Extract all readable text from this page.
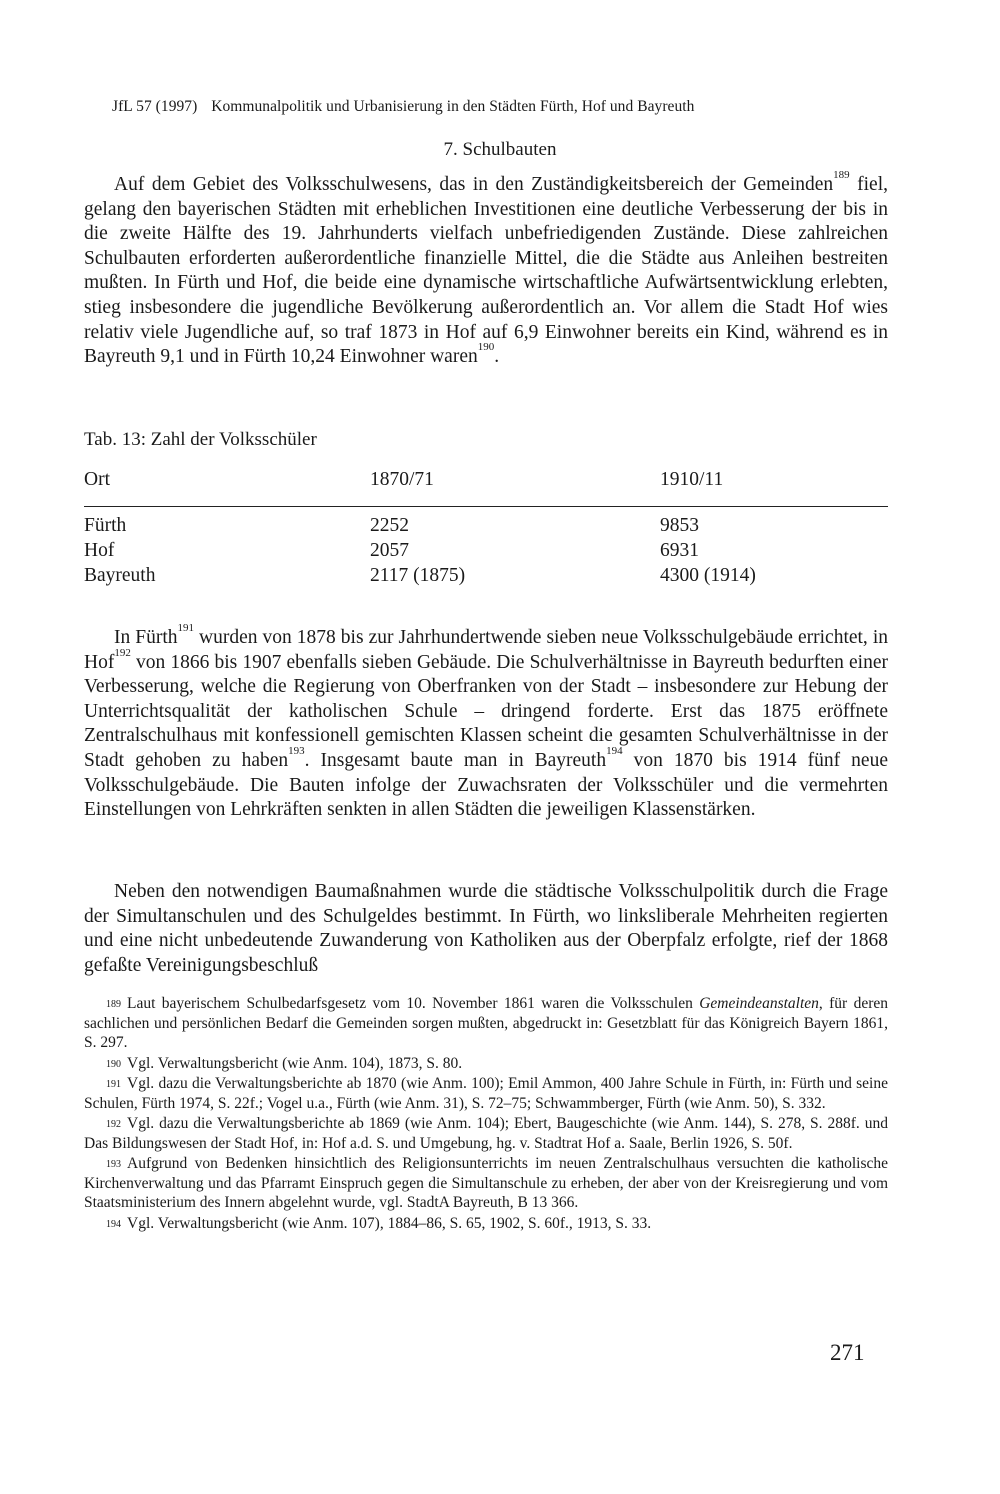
JfL 57 (1997) Kommunalpolitik und Urbanisierung in den Städten Fürth, Hof und Bayreuth
7. Schulbauten

Auf dem Gebiet des Volksschulwesens, das in den Zuständigkeitsbereich der Gemeinden$^{189}$ fiel, gelang den bayerischen Städten mit erheblichen Investitionen eine deutliche Verbesserung der bis in die zweite Hälfte des 19. Jahrhunderts vielfach unbefriedigenden Zustände. Diese zahlreichen Schulbauten erforderten außerordentliche finanzielle Mittel, die die Städte aus Anleihen bestreiten mußten. In Fürth und Hof, die beide eine dynamische wirtschaftliche Aufwärtsentwicklung erlebten, stieg insbesondere die jugendliche Bevölkerung außerordentlich an. Vor allem die Stadt Hof wies relativ viele Jugendliche auf, so traf 1873 in Hof auf 6,9 Einwohner bereits ein Kind, während es in Bayreuth 9,1 und in Fürth 10,24 Einwohner waren$^{190}$.

Tab. 13: Zahl der Volksschüler
Ort	1870/71	1910/11
Fürth	2252	9853
Hof	2057	6931
Bayreuth	2117 (1875)	4300 (1914)

In Fürth$^{191}$ wurden von 1878 bis zur Jahrhundertwende sieben neue Volksschulgebäude errichtet, in Hof$^{192}$ von 1866 bis 1907 ebenfalls sieben Gebäude. Die Schulverhältnisse in Bayreuth bedurften einer Verbesserung, welche die Regierung von Oberfranken von der Stadt – insbesondere zur Hebung der Unterrichtsqualität der katholischen Schule – dringend forderte. Erst das 1875 eröffnete Zentralschulhaus mit konfessionell gemischten Klassen scheint die gesamten Schulverhältnisse in der Stadt gehoben zu haben$^{193}$. Insgesamt baute man in Bayreuth$^{194}$ von 1870 bis 1914 fünf neue Volksschulgebäude. Die Bauten infolge der Zuwachsraten der Volksschüler und die vermehrten Einstellungen von Lehrkräften senkten in allen Städten die jeweiligen Klassenstärken.

Neben den notwendigen Baumaßnahmen wurde die städtische Volksschulpolitik durch die Frage der Simultanschulen und des Schulgeldes bestimmt. In Fürth, wo linksliberale Mehrheiten regierten und eine nicht unbedeutende Zuwanderung von Katholiken aus der Oberpfalz erfolgte, rief der 1868 gefaßte Vereinigungsbeschluß

$^{189}$ Laut bayerischem Schulbedarfsgesetz vom 10. November 1861 waren die Volksschulen Gemeindeanstalten, für deren sachlichen und persönlichen Bedarf die Gemeinden sorgen mußten, abgedruckt in: Gesetzblatt für das Königreich Bayern 1861, S. 297.

$^{190}$ Vgl. Verwaltungsbericht (wie Anm. 104), 1873, S. 80.

$^{191}$ Vgl. dazu die Verwaltungsberichte ab 1870 (wie Anm. 100); Emil Ammon, 400 Jahre Schule in Fürth, in: Fürth und seine Schulen, Fürth 1974, S. 22f.; Vogel u.a., Fürth (wie Anm. 31), S. 72–75; Schwammberger, Fürth (wie Anm. 50), S. 332.

$^{192}$ Vgl. dazu die Verwaltungsberichte ab 1869 (wie Anm. 104); Ebert, Baugeschichte (wie Anm. 144), S. 278, S. 288f. und Das Bildungswesen der Stadt Hof, in: Hof a.d. S. und Umgebung, hg. v. Stadtrat Hof a. Saale, Berlin 1926, S. 50f.

$^{193}$ Aufgrund von Bedenken hinsichtlich des Religionsunterrichts im neuen Zentralschulhaus versuchten die katholische Kirchenverwaltung und das Pfarramt Einspruch gegen die Simultanschule zu erheben, der aber von der Kreisregierung und vom Staatsministerium des Innern abgelehnt wurde, vgl. StadtA Bayreuth, B 13 366.

$^{194}$ Vgl. Verwaltungsbericht (wie Anm. 107), 1884–86, S. 65, 1902, S. 60f., 1913, S. 33.

271
